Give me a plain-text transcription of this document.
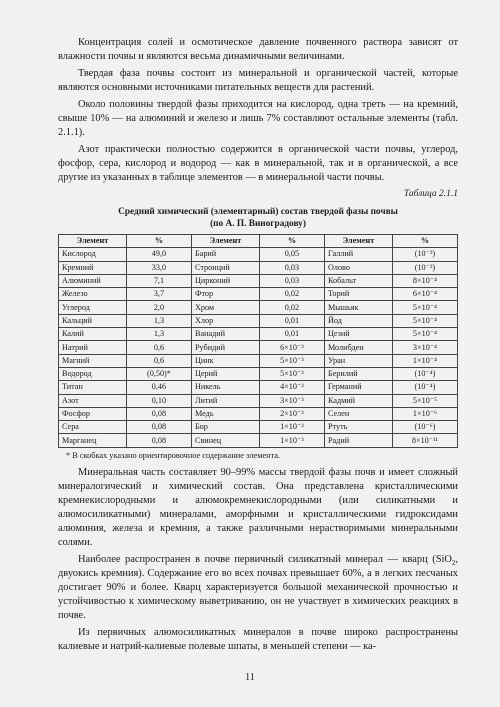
Концентрация солей и осмотическое давление почвенного раствора зависят от влажности почвы и являются весьма динамичными величинами.

Твердая фаза почвы состоит из минеральной и органической частей, которые являются основными источниками питательных веществ для растений.

Около половины твердой фазы приходится на кислород, одна треть — на кремний, свыше 10% — на алюминий и железо и лишь 7% составляют остальные элементы (табл. 2.1.1).

Азот практически полностью содержится в органической части почвы, углерод, фосфор, сера, кислород и водород — как в минеральной, так и в органической, а все другие из указанных в таблице элементов — в минеральной части почвы.

Таблица 2.1.1
Средний химический (элементарный) состав твердой фазы почвы
(по А. П. Виноградову)
Элемент	%	Элемент	%	Элемент	%
Кислород	49,0	Барий	0,05	Галлий	(10⁻³)
Кремний	33,0	Стронций	0,03	Олово	(10⁻³)
Алюминий	7,1	Цирконий	0,03	Кобальт	8×10⁻⁴
Железо	3,7	Фтор	0,02	Торий	6×10⁻⁴
Углерод	2,0	Хром	0,02	Мышьяк	5×10⁻⁴
Кальций	1,3	Хлор	0,01	Йод	5×10⁻⁴
Калий	1,3	Ванадий	0,01	Цезий	5×10⁻⁴
Натрий	0,6	Рубидий	6×10⁻³	Молибден	3×10⁻⁴
Магний	0,6	Цинк	5×10⁻³	Уран	1×10⁻⁴
Водород	(0,50)*	Церий	5×10⁻³	Берилий	(10⁻⁴)
Титан	0,46	Никель	4×10⁻³	Германий	(10⁻⁴)
Азот	0,10	Литий	3×10⁻³	Кадмий	5×10⁻⁵
Фосфор	0,08	Медь	2×10⁻³	Селен	1×10⁻⁶
Сера	0,08	Бор	1×10⁻³	Ртуть	(10⁻⁶)
Марганец	0,08	Свинец	1×10⁻³	Радий	8×10⁻¹¹
* В скобках указано ориентировочное содержание элемента.

Минеральная часть составляет 90–99% массы твердой фазы почв и имеет сложный минералогический и химический состав. Она представлена кристаллическими кремнекислородными и алюмокремнекислородными (или силикатными и алюмосиликатными) минералами, аморфными и кристаллическими гидроксидами алюминия, железа и кремния, а также различными нерастворимыми минеральными солями.

Наиболее распространен в почве первичный силикатный минерал — кварц (SiO$_2$, двуокись кремния). Содержание его во всех почвах превышает 60%, а в легких песчаных достигает 90% и более. Кварц характеризуется большой механической прочностью и устойчивостью к химическому выветриванию, он не участвует в химических реакциях в почве.

Из первичных алюмосиликатных минералов в почве широко распространены калиевые и натрий-калиевые полевые шпаты, в меньшей степени — ка-

11
